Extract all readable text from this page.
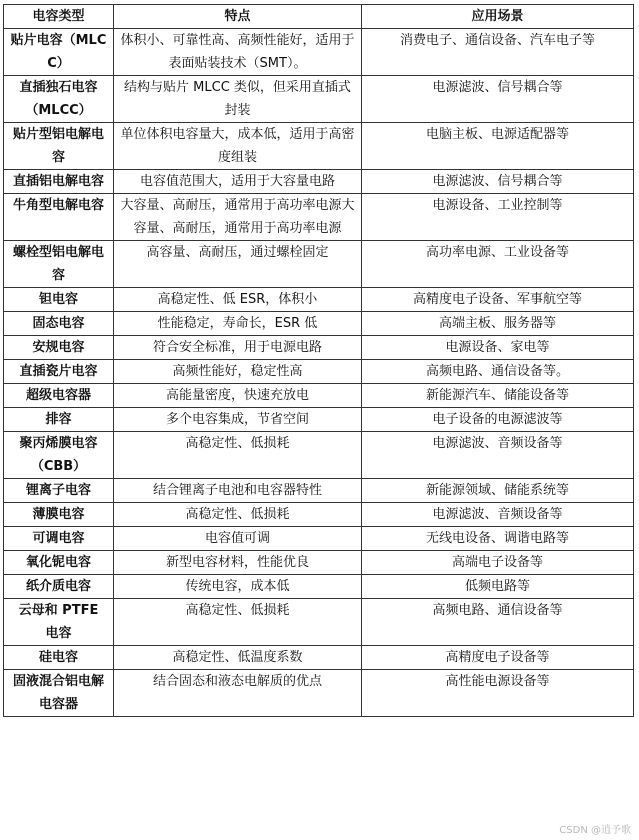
电容类型	特点	应用场景
贴片电容（MLCC）	体积小、可靠性高、高频性能好，适用于表面贴装技术（SMT）。	消费电子、通信设备、汽车电子等
直插独石电容（MLCC）	结构与贴片 MLCC 类似，但采用直插式封装	电源滤波、信号耦合等
贴片型铝电解电容	单位体积电容量大，成本低，适用于高密度组装	电脑主板、电源适配器等
直插铝电解电容	电容值范围大，适用于大容量电路	电源滤波、信号耦合等
牛角型电解电容	大容量、高耐压，通常用于高功率电源大容量、高耐压，通常用于高功率电源	电源设备、工业控制等
螺栓型铝电解电容	高容量、高耐压，通过螺栓固定	高功率电源、工业设备等
钽电容	高稳定性、低 ESR，体积小	高精度电子设备、军事航空等
固态电容	性能稳定，寿命长，ESR 低	高端主板、服务器等
安规电容	符合安全标准，用于电源电路	电源设备、家电等
直插瓷片电容	高频性能好，稳定性高	高频电路、通信设备等。
超级电容器	高能量密度，快速充放电	新能源汽车、储能设备等
排容	多个电容集成，节省空间	电子设备的电源滤波等
聚丙烯膜电容（CBB）	高稳定性、低损耗	电源滤波、音频设备等
锂离子电容	结合锂离子电池和电容器特性	新能源领域、储能系统等
薄膜电容	高稳定性、低损耗	电源滤波、音频设备等
可调电容	电容值可调	无线电设备、调谐电路等
氧化铌电容	新型电容材料，性能优良	高端电子设备等
纸介质电容	传统电容，成本低	低频电路等
云母和 PTFE 电容	高稳定性、低损耗	高频电路、通信设备等
硅电容	高稳定性、低温度系数	高精度电子设备等
固液混合铝电解电容器	结合固态和液态电解质的优点	高性能电源设备等
CSDN @逍予歌
